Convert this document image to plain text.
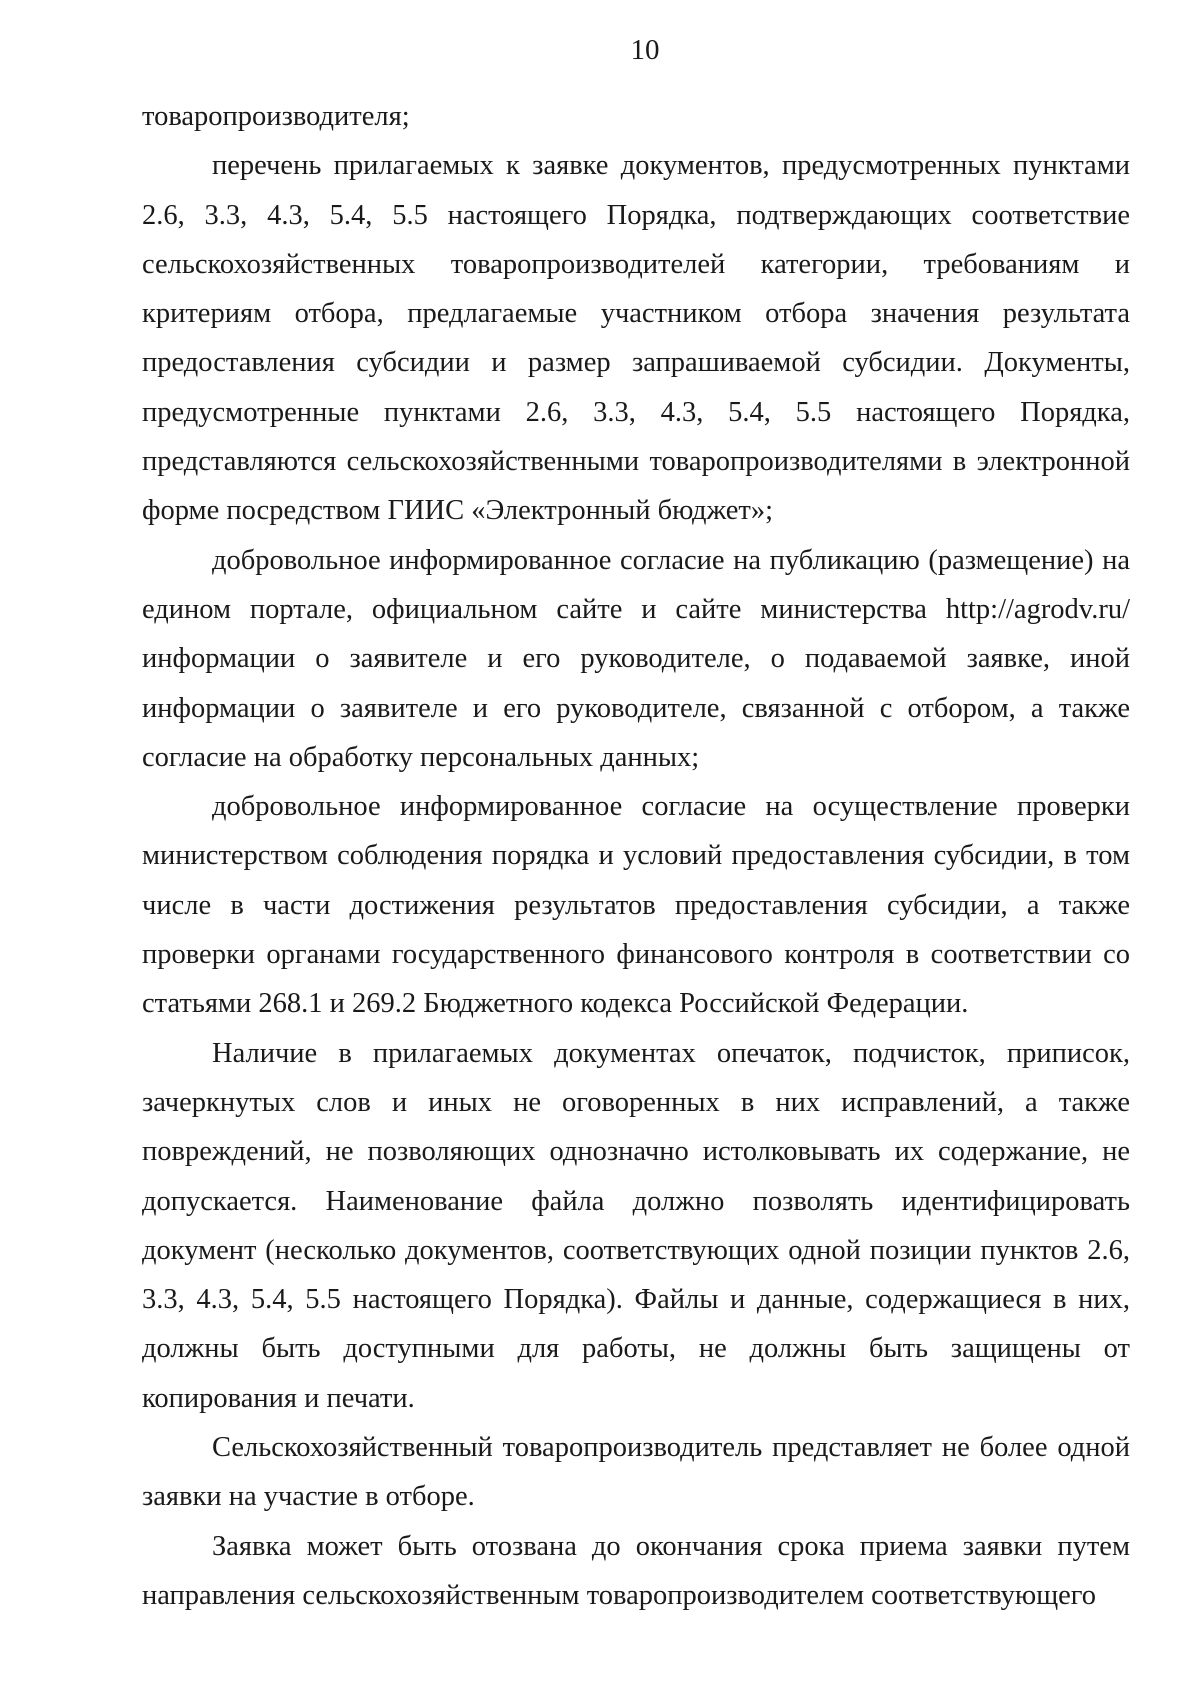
10

товаропроизводителя;

перечень прилагаемых к заявке документов, предусмотренных пунктами 2.6, 3.3, 4.3, 5.4, 5.5 настоящего Порядка, подтверждающих соответствие сельскохозяйственных товаропроизводителей категории, требованиям и критериям отбора, предлагаемые участником отбора значения результата предоставления субсидии и размер запрашиваемой субсидии. Документы, предусмотренные пунктами 2.6, 3.3, 4.3, 5.4, 5.5 настоящего Порядка, представляются сельскохозяйственными товаропроизводителями в электронной форме посредством ГИИС «Электронный бюджет»;

добровольное информированное согласие на публикацию (размещение) на едином портале, официальном сайте и сайте министерства http://agrodv.ru/ информации о заявителе и его руководителе, о подаваемой заявке, иной информации о заявителе и его руководителе, связанной с отбором, а также согласие на обработку персональных данных;

добровольное информированное согласие на осуществление проверки министерством соблюдения порядка и условий предоставления субсидии, в том числе в части достижения результатов предоставления субсидии, а также проверки органами государственного финансового контроля в соответствии со статьями 268.1 и 269.2 Бюджетного кодекса Российской Федерации.

Наличие в прилагаемых документах опечаток, подчисток, приписок, зачеркнутых слов и иных не оговоренных в них исправлений, а также повреждений, не позволяющих однозначно истолковывать их содержание, не допускается. Наименование файла должно позволять идентифицировать документ (несколько документов, соответствующих одной позиции пунктов 2.6, 3.3, 4.3, 5.4, 5.5 настоящего Порядка). Файлы и данные, содержащиеся в них, должны быть доступными для работы, не должны быть защищены от копирования и печати.

Сельскохозяйственный товаропроизводитель представляет не более одной заявки на участие в отборе.

Заявка может быть отозвана до окончания срока приема заявки путем направления сельскохозяйственным товаропроизводителем соответствующего
